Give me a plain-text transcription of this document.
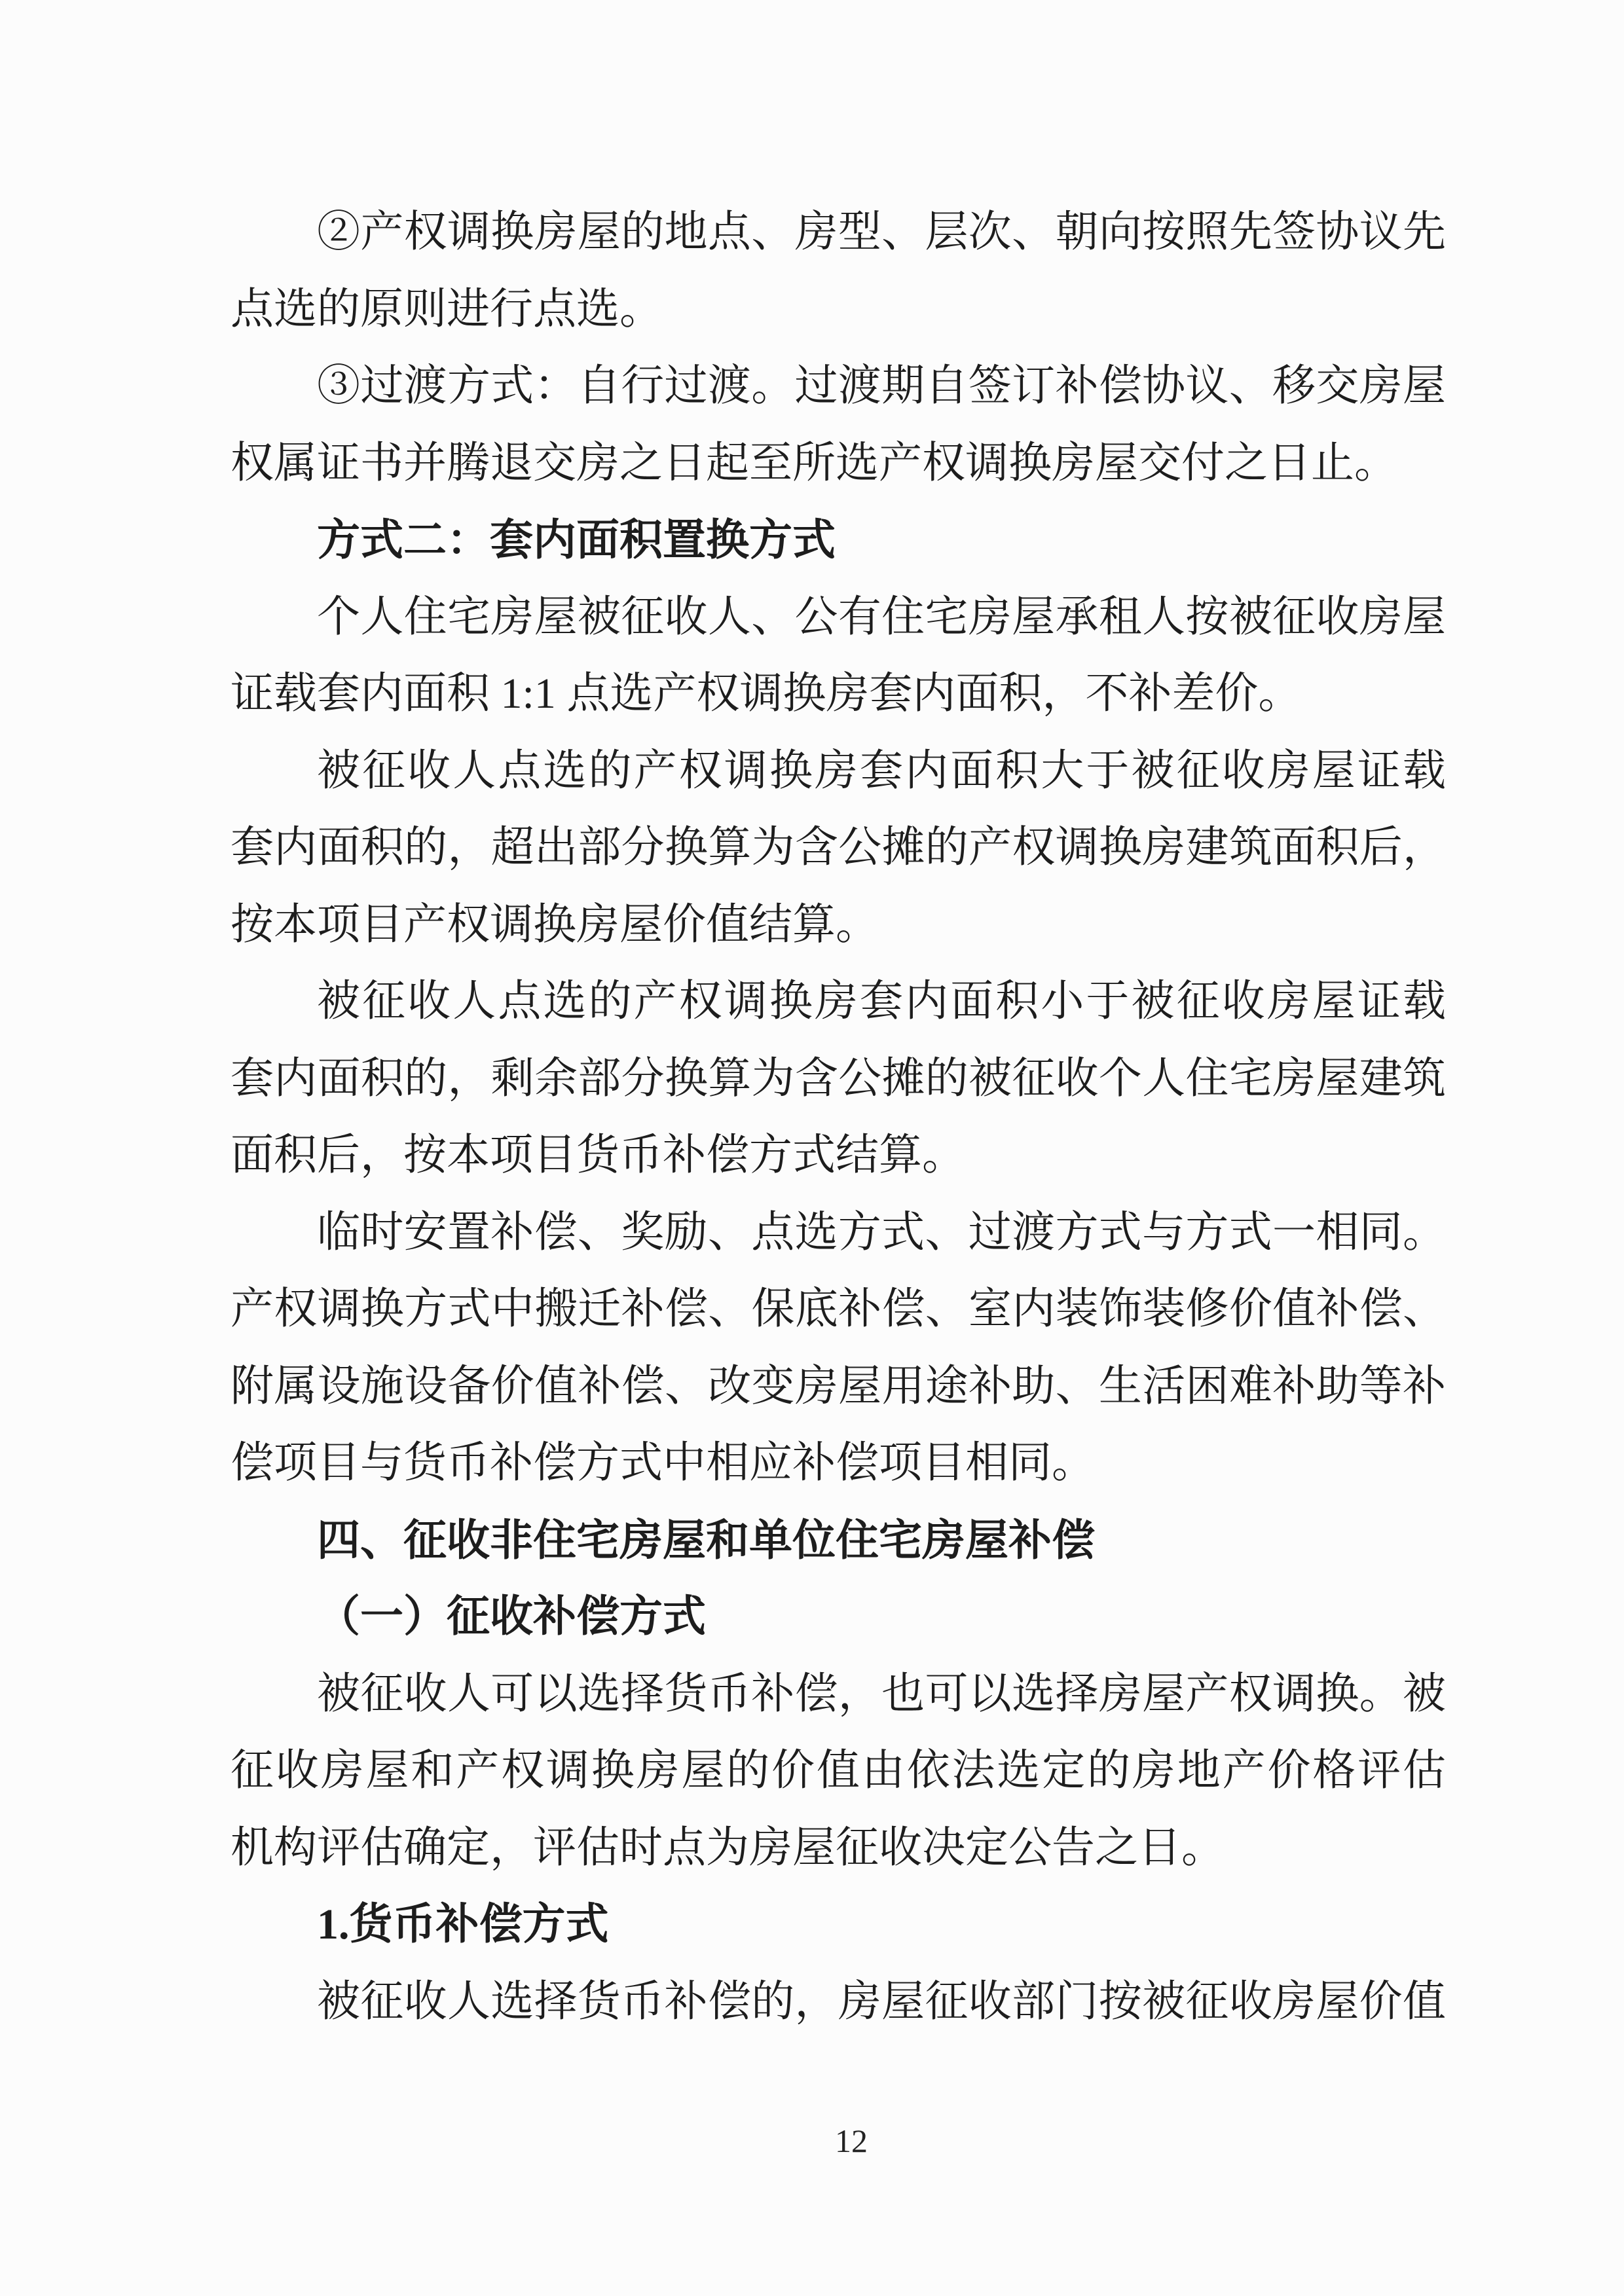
②产权调换房屋的地点、房型、层次、朝向按照先签协议先
点选的原则进行点选。
③过渡方式：自行过渡。过渡期自签订补偿协议、移交房屋
权属证书并腾退交房之日起至所选产权调换房屋交付之日止。
方式二：套内面积置换方式
个人住宅房屋被征收人、公有住宅房屋承租人按被征收房屋
证载套内面积 1:1 点选产权调换房套内面积，不补差价。
被征收人点选的产权调换房套内面积大于被征收房屋证载
套内面积的，超出部分换算为含公摊的产权调换房建筑面积后，
按本项目产权调换房屋价值结算。
被征收人点选的产权调换房套内面积小于被征收房屋证载
套内面积的，剩余部分换算为含公摊的被征收个人住宅房屋建筑
面积后，按本项目货币补偿方式结算。
临时安置补偿、奖励、点选方式、过渡方式与方式一相同。
产权调换方式中搬迁补偿、保底补偿、室内装饰装修价值补偿、
附属设施设备价值补偿、改变房屋用途补助、生活困难补助等补
偿项目与货币补偿方式中相应补偿项目相同。
四、征收非住宅房屋和单位住宅房屋补偿
（一）征收补偿方式
被征收人可以选择货币补偿，也可以选择房屋产权调换。被
征收房屋和产权调换房屋的价值由依法选定的房地产价格评估
机构评估确定，评估时点为房屋征收决定公告之日。
1.货币补偿方式
被征收人选择货币补偿的，房屋征收部门按被征收房屋价值
12
